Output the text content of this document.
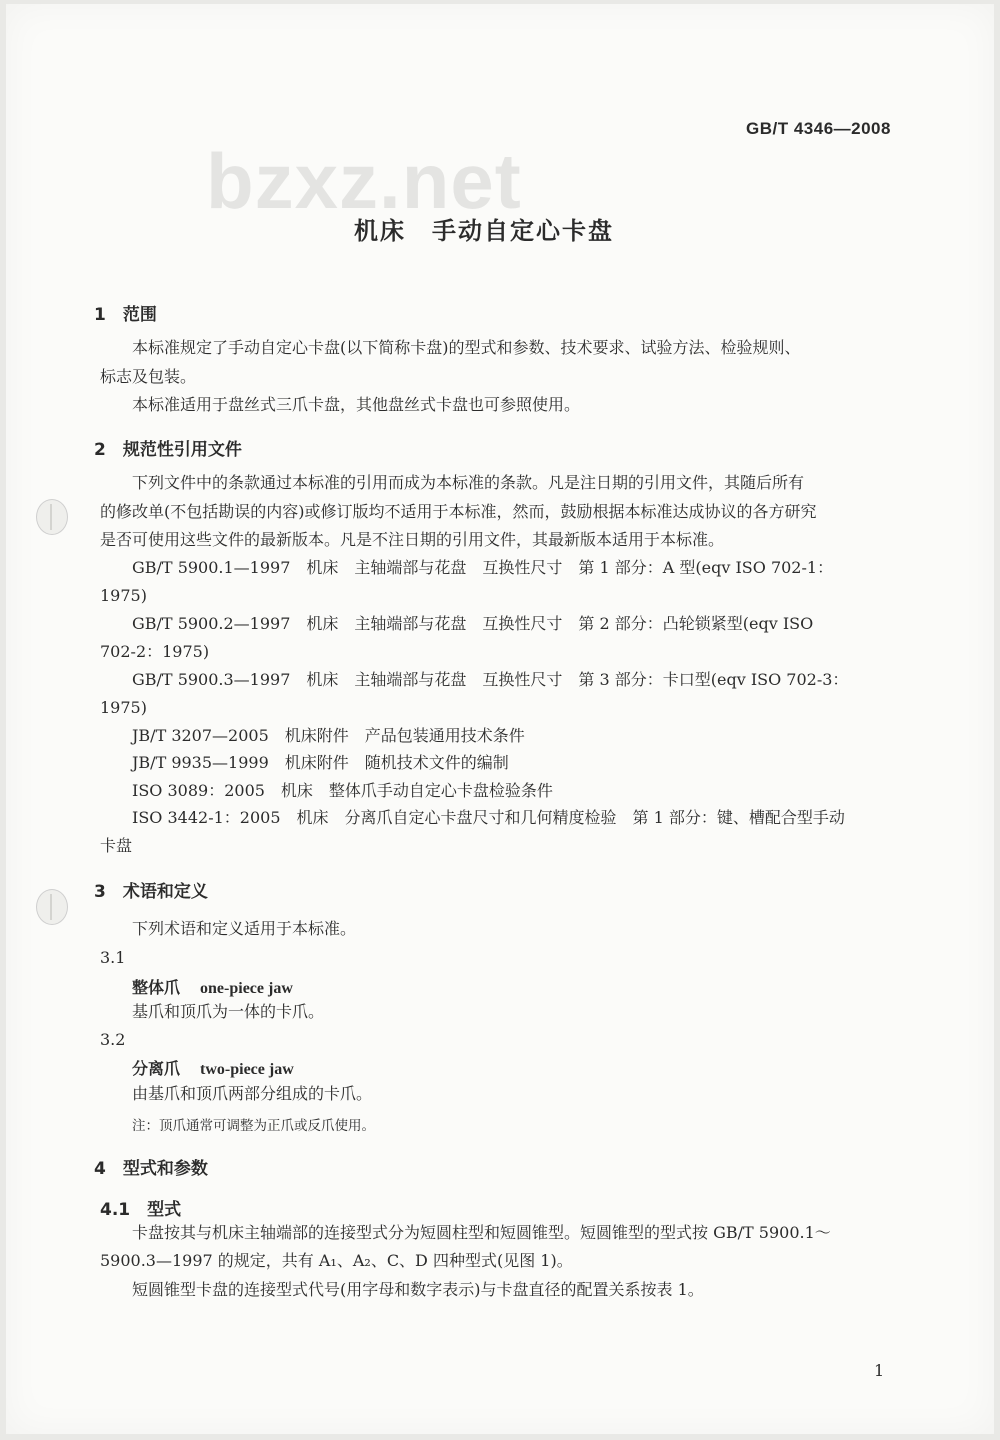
GB/T 4346—2008
bzxz.net
机床　手动自定心卡盘
1　范围
本标准规定了手动自定心卡盘(以下简称卡盘)的型式和参数、技术要求、试验方法、检验规则、
标志及包装。
本标准适用于盘丝式三爪卡盘，其他盘丝式卡盘也可参照使用。
2　规范性引用文件
下列文件中的条款通过本标准的引用而成为本标准的条款。凡是注日期的引用文件，其随后所有
的修改单(不包括勘误的内容)或修订版均不适用于本标准，然而，鼓励根据本标准达成协议的各方研究
是否可使用这些文件的最新版本。凡是不注日期的引用文件，其最新版本适用于本标准。
GB/T 5900.1—1997　机床　主轴端部与花盘　互换性尺寸　第 1 部分：A 型(eqv ISO 702-1：
1975)
GB/T 5900.2—1997　机床　主轴端部与花盘　互换性尺寸　第 2 部分：凸轮锁紧型(eqv ISO
702-2：1975)
GB/T 5900.3—1997　机床　主轴端部与花盘　互换性尺寸　第 3 部分：卡口型(eqv ISO 702-3：
1975)
JB/T 3207—2005　机床附件　产品包装通用技术条件
JB/T 9935—1999　机床附件　随机技术文件的编制
ISO 3089：2005　机床　整体爪手动自定心卡盘检验条件
ISO 3442-1：2005　机床　分离爪自定心卡盘尺寸和几何精度检验　第 1 部分：键、槽配合型手动
卡盘
3　术语和定义
下列术语和定义适用于本标准。
3.1
整体爪 one-piece jaw
基爪和顶爪为一体的卡爪。
3.2
分离爪 two-piece jaw
由基爪和顶爪两部分组成的卡爪。
注：顶爪通常可调整为正爪或反爪使用。
4　型式和参数
4.1　型式
卡盘按其与机床主轴端部的连接型式分为短圆柱型和短圆锥型。短圆锥型的型式按 GB/T 5900.1～
5900.3—1997 的规定，共有 A₁、A₂、C、D 四种型式(见图 1)。
短圆锥型卡盘的连接型式代号(用字母和数字表示)与卡盘直径的配置关系按表 1。
1
